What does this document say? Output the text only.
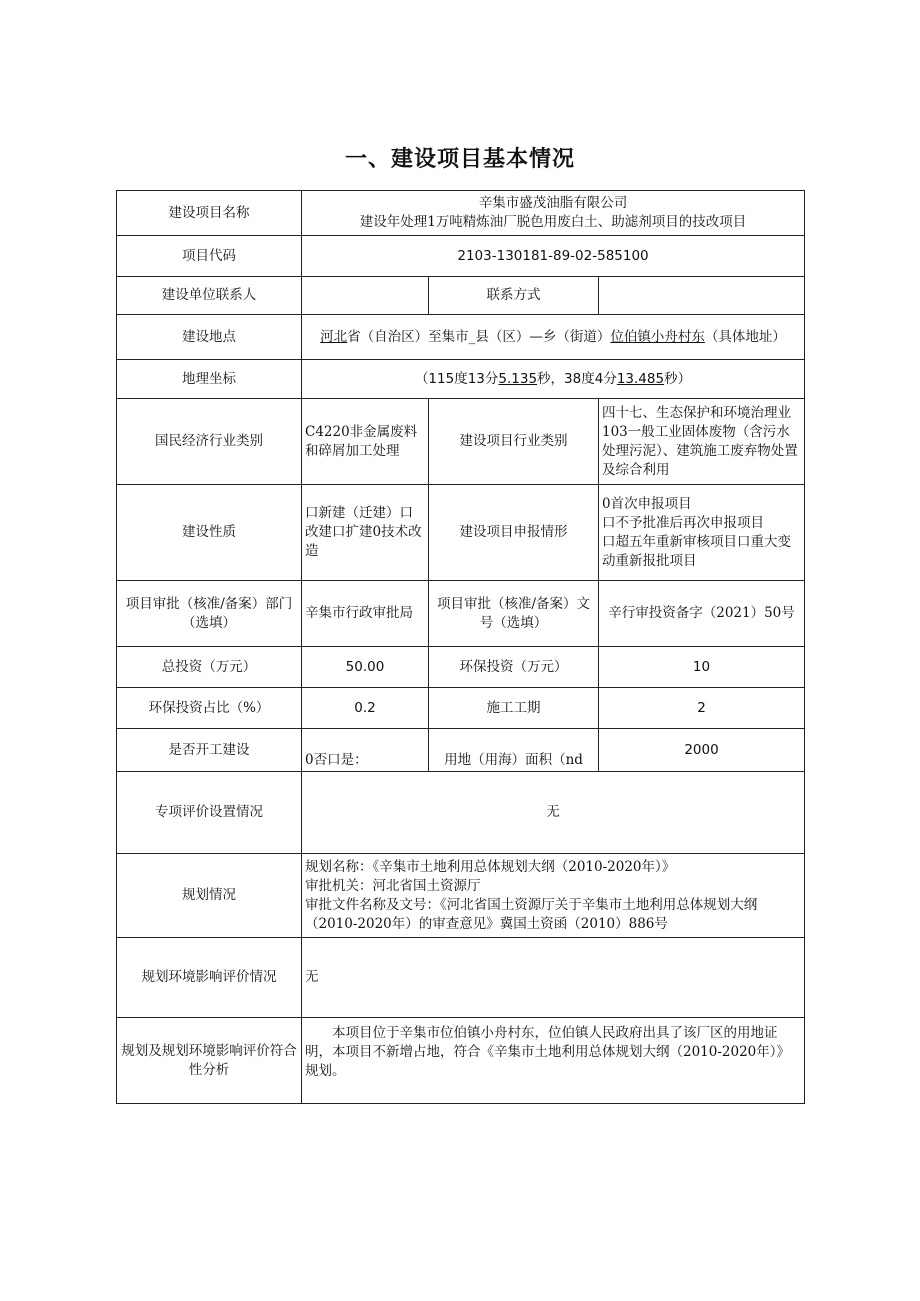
一、建设项目基本情况
建设项目名称	辛集市盛茂油脂有限公司
建设年处理1万吨精炼油厂脱色用废白土、助滤剂项目的技改项目		

项目代码	2103-130181-89-02-585100		
建设单位联系人		联系方式	
建设地点	河北省（自治区）至集市_县（区）—乡（街道）位伯镇小舟村东（具体地址）		
地理坐标	（115度13分5.135秒，38度4分13.485秒）		
国民经济行业类别	C4220非金属废料和碎屑加工处理	建设项目行业类别	四十七、生态保护和环境治理业103一般工业固体废物（含污水处理污泥）、建筑施工废弃物处置及综合利用
建设性质	口新建（迁建）口改建口扩建0技术改造	建设项目申报情形	0首次申报项目
口不予批准后再次申报项目
口超五年重新审核项目口重大变动重新报批项目

项目审批（核准/备案）部门（选填）	辛集市行政审批局	项目审批（核准/备案）文号（选填）	辛行审投资备字（2021）50号
总投资（万元）	50.00	环保投资（万元）	10
环保投资占比（%）	0.2	施工工期	2
是否开工建设	0否口是：	用地（用海）面积（nd	2000
专项评价设置情况	无		
规划情况	规划名称：《辛集市土地利用总体规划大纲（2010-2020年）》
审批机关：河北省国土资源厅
审批文件名称及文号：《河北省国土资源厅关于辛集市土地利用总体规划大纲（2010-2020年）的审查意见》冀国土资函（2010）886号		

规划环境影响评价情况	无		
规划及规划环境影响评价符合性分析	本项目位于辛集市位伯镇小舟村东，位伯镇人民政府出具了该厂区的用地证明，本项目不新增占地，符合《辛集市土地利用总体规划大纲（2010-2020年）》规划。		
